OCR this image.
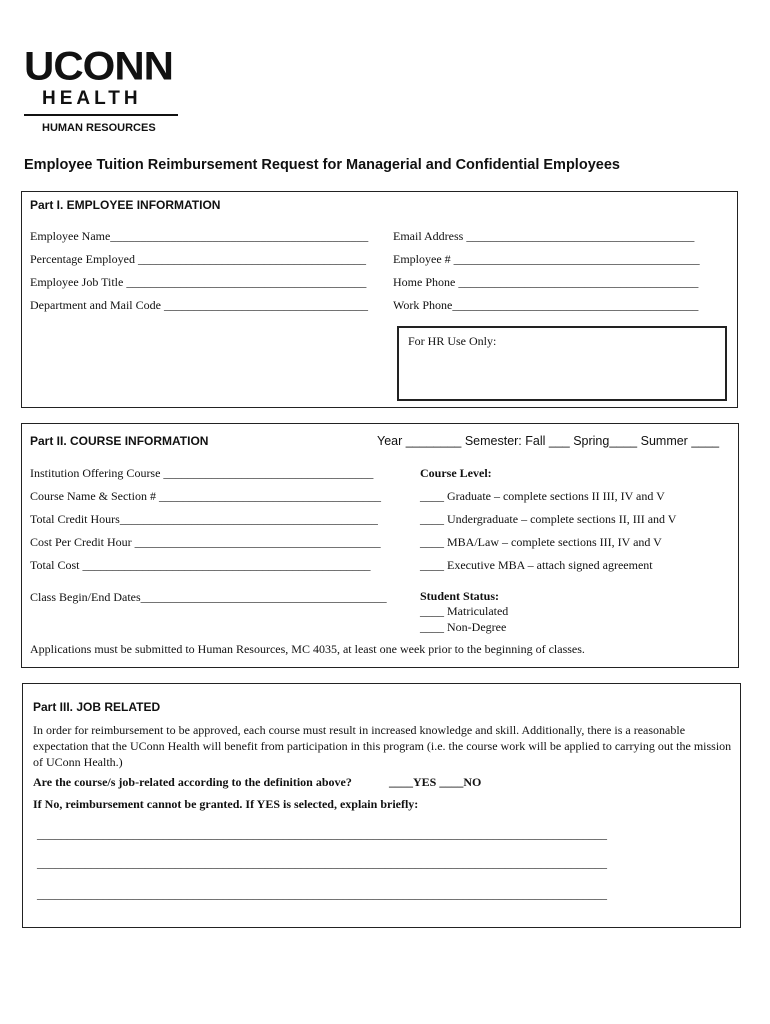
UCONN
HEALTH
HUMAN RESOURCES
Employee Tuition Reimbursement Request for Managerial and Confidential Employees
Part I. EMPLOYEE INFORMATION
Employee Name___________________________________________
Percentage Employed ______________________________________
Employee Job Title ________________________________________
Department and Mail Code __________________________________
Email Address ______________________________________
Employee # _________________________________________
Home Phone ________________________________________
Work Phone_________________________________________
For HR Use Only:
Part II. COURSE INFORMATION	Year ________ Semester: Fall ___ Spring____ Summer ____
Institution Offering Course ___________________________________
Course Name & Section # _____________________________________
Total Credit Hours___________________________________________
Cost Per Credit Hour _________________________________________
Total Cost ________________________________________________
Class Begin/End Dates_________________________________________
Course Level:
____ Graduate – complete sections II III, IV and V
____ Undergraduate – complete sections II, III and V
____ MBA/Law – complete sections III, IV and V
____ Executive MBA – attach signed agreement
Student Status:
____ Matriculated
____ Non-Degree
Applications must be submitted to Human Resources, MC 4035, at least one week prior to the beginning of classes.
Part III. JOB RELATED
In order for reimbursement to be approved, each course must result in increased knowledge and skill. Additionally, there is a reasonable expectation that the UConn Health will benefit from participation in this program (i.e. the course work will be applied to carrying out the mission of UConn Health.)
Are the course/s job-related according to the definition above?	____YES ____NO
If No, reimbursement cannot be granted. If YES is selected, explain briefly:
_______________________________________________________________________________________________
_______________________________________________________________________________________________
_______________________________________________________________________________________________
